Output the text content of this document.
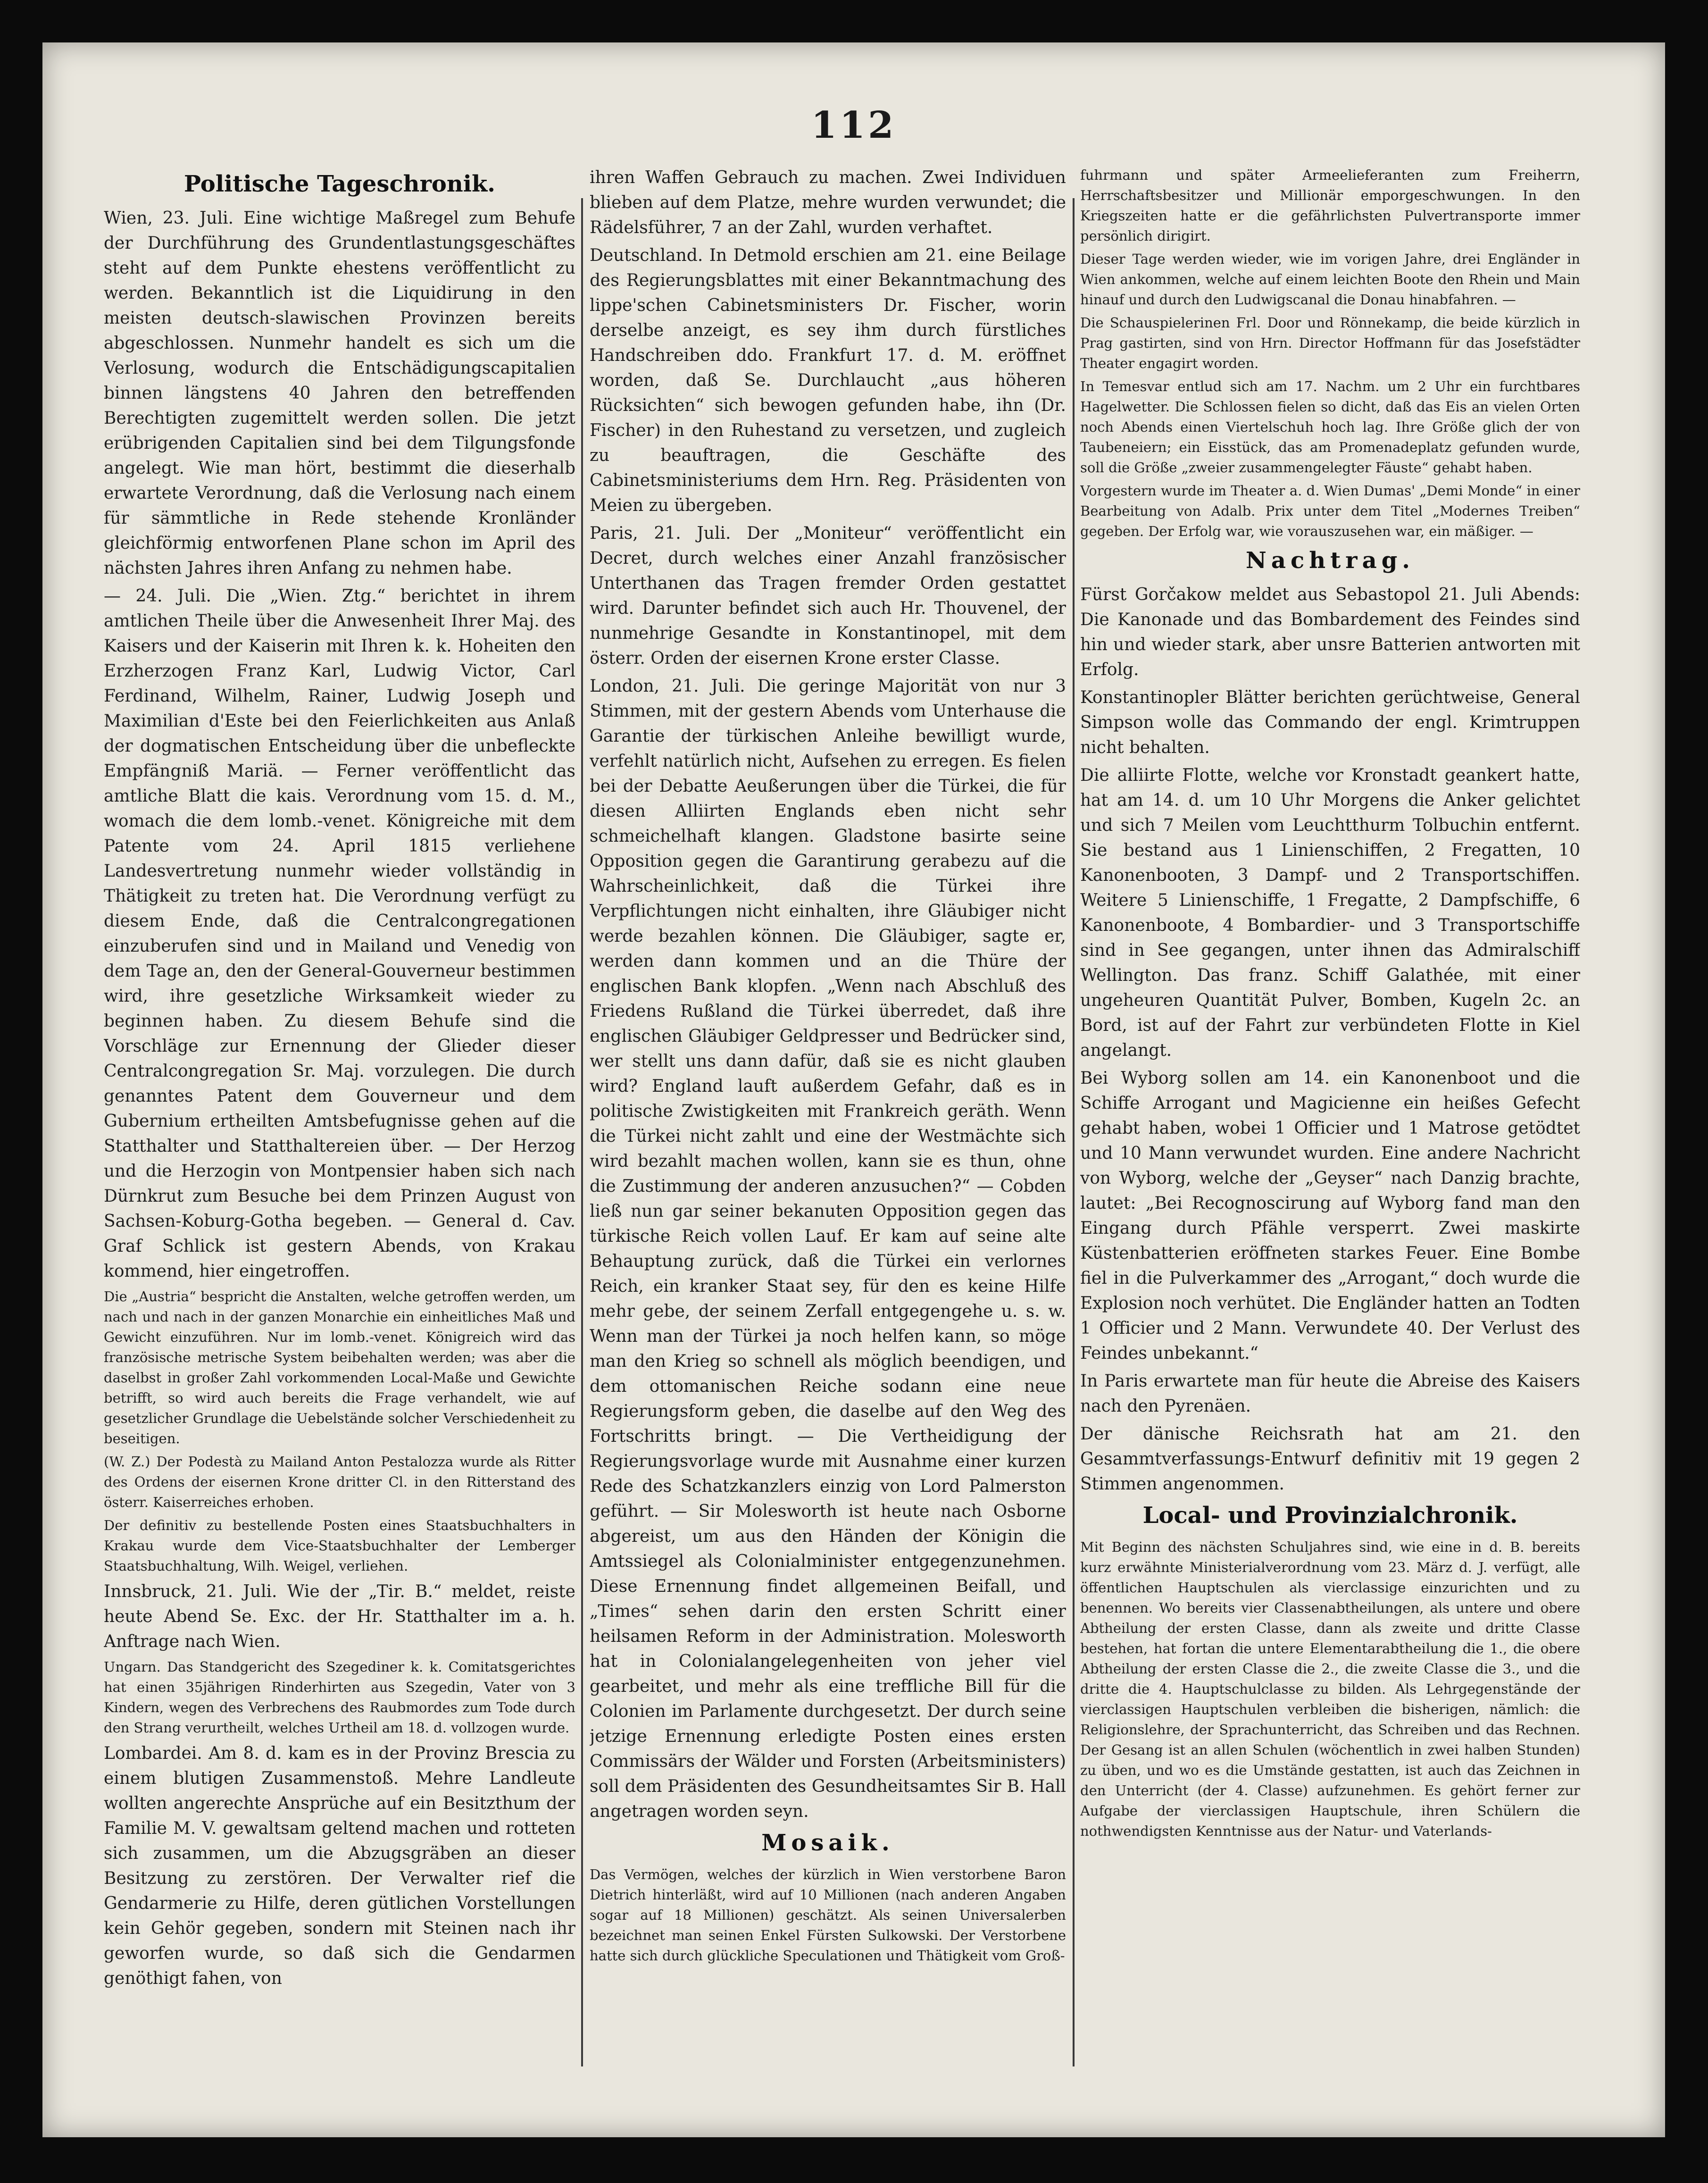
112
Politische Tageschronik.

Wien, 23. Juli. Eine wichtige Maßregel zum Behufe der Durchführung des Grundentlastungsgeschäftes steht auf dem Punkte ehestens veröffentlicht zu werden. Bekanntlich ist die Liquidirung in den meisten deutsch-slawischen Provinzen bereits abgeschlossen. Nunmehr handelt es sich um die Verlosung, wodurch die Entschädigungscapitalien binnen längstens 40 Jahren den betreffenden Berechtigten zugemittelt werden sollen. Die jetzt erübrigenden Capitalien sind bei dem Tilgungsfonde angelegt. Wie man hört, bestimmt die dieserhalb erwartete Verordnung, daß die Verlosung nach einem für sämmtliche in Rede stehende Kronländer gleichförmig entworfenen Plane schon im April des nächsten Jahres ihren Anfang zu nehmen habe.

— 24. Juli. Die „Wien. Ztg.“ berichtet in ihrem amtlichen Theile über die Anwesenheit Ihrer Maj. des Kaisers und der Kaiserin mit Ihren k. k. Hoheiten den Erzherzogen Franz Karl, Ludwig Victor, Carl Ferdinand, Wilhelm, Rainer, Ludwig Joseph und Maximilian d'Este bei den Feierlichkeiten aus Anlaß der dogmatischen Entscheidung über die unbefleckte Empfängniß Mariä. — Ferner veröffentlicht das amtliche Blatt die kais. Verordnung vom 15. d. M., womach die dem lomb.-venet. Königreiche mit dem Patente vom 24. April 1815 verliehene Landesvertretung nunmehr wieder vollständig in Thätigkeit zu treten hat. Die Verordnung verfügt zu diesem Ende, daß die Centralcongregationen einzuberufen sind und in Mailand und Venedig von dem Tage an, den der General-Gouverneur bestimmen wird, ihre gesetzliche Wirksamkeit wieder zu beginnen haben. Zu diesem Behufe sind die Vorschläge zur Ernennung der Glieder dieser Centralcongregation Sr. Maj. vorzulegen. Die durch genanntes Patent dem Gouverneur und dem Gubernium ertheilten Amtsbefugnisse gehen auf die Statthalter und Statthaltereien über. — Der Herzog und die Herzogin von Montpensier haben sich nach Dürnkrut zum Besuche bei dem Prinzen August von Sachsen-Koburg-Gotha begeben. — General d. Cav. Graf Schlick ist gestern Abends, von Krakau kommend, hier eingetroffen.

Die „Austria“ bespricht die Anstalten, welche getroffen werden, um nach und nach in der ganzen Monarchie ein einheitliches Maß und Gewicht einzuführen. Nur im lomb.-venet. Königreich wird das französische metrische System beibehalten werden; was aber die daselbst in großer Zahl vorkommenden Local-Maße und Gewichte betrifft, so wird auch bereits die Frage verhandelt, wie auf gesetzlicher Grundlage die Uebelstände solcher Verschiedenheit zu beseitigen.

(W. Z.) Der Podestà zu Mailand Anton Pestalozza wurde als Ritter des Ordens der eisernen Krone dritter Cl. in den Ritterstand des österr. Kaiserreiches erhoben.

Der definitiv zu bestellende Posten eines Staatsbuchhalters in Krakau wurde dem Vice-Staatsbuchhalter der Lemberger Staatsbuchhaltung, Wilh. Weigel, verliehen.

Innsbruck, 21. Juli. Wie der „Tir. B.“ meldet, reiste heute Abend Se. Exc. der Hr. Statthalter im a. h. Anftrage nach Wien.

Ungarn. Das Standgericht des Szegediner k. k. Comitatsgerichtes hat einen 35jährigen Rinderhirten aus Szegedin, Vater von 3 Kindern, wegen des Verbrechens des Raubmordes zum Tode durch den Strang verurtheilt, welches Urtheil am 18. d. vollzogen wurde.

Lombardei. Am 8. d. kam es in der Provinz Brescia zu einem blutigen Zusammenstoß. Mehre Landleute wollten angerechte Ansprüche auf ein Besitzthum der Familie M. V. gewaltsam geltend machen und rotteten sich zusammen, um die Abzugsgräben an dieser Besitzung zu zerstören. Der Verwalter rief die Gendarmerie zu Hilfe, deren gütlichen Vorstellungen kein Gehör gegeben, sondern mit Steinen nach ihr geworfen wurde, so daß sich die Gendarmen genöthigt fahen, von

ihren Waffen Gebrauch zu machen. Zwei Individuen blieben auf dem Platze, mehre wurden verwundet; die Rädelsführer, 7 an der Zahl, wurden verhaftet.

Deutschland. In Detmold erschien am 21. eine Beilage des Regierungsblattes mit einer Bekanntmachung des lippe'schen Cabinetsministers Dr. Fischer, worin derselbe anzeigt, es sey ihm durch fürstliches Handschreiben ddo. Frankfurt 17. d. M. eröffnet worden, daß Se. Durchlaucht „aus höheren Rücksichten“ sich bewogen gefunden habe, ihn (Dr. Fischer) in den Ruhestand zu versetzen, und zugleich zu beauftragen, die Geschäfte des Cabinetsministeriums dem Hrn. Reg. Präsidenten von Meien zu übergeben.

Paris, 21. Juli. Der „Moniteur“ veröffentlicht ein Decret, durch welches einer Anzahl französischer Unterthanen das Tragen fremder Orden gestattet wird. Darunter befindet sich auch Hr. Thouvenel, der nunmehrige Gesandte in Konstantinopel, mit dem österr. Orden der eisernen Krone erster Classe.

London, 21. Juli. Die geringe Majorität von nur 3 Stimmen, mit der gestern Abends vom Unterhause die Garantie der türkischen Anleihe bewilligt wurde, verfehlt natürlich nicht, Aufsehen zu erregen. Es fielen bei der Debatte Aeußerungen über die Türkei, die für diesen Alliirten Englands eben nicht sehr schmeichelhaft klangen. Gladstone basirte seine Opposition gegen die Garantirung gerabezu auf die Wahrscheinlichkeit, daß die Türkei ihre Verpflichtungen nicht einhalten, ihre Gläubiger nicht werde bezahlen können. Die Gläubiger, sagte er, werden dann kommen und an die Thüre der englischen Bank klopfen. „Wenn nach Abschluß des Friedens Rußland die Türkei überredet, daß ihre englischen Gläubiger Geldpresser und Bedrücker sind, wer stellt uns dann dafür, daß sie es nicht glauben wird? England lauft außerdem Gefahr, daß es in politische Zwistigkeiten mit Frankreich geräth. Wenn die Türkei nicht zahlt und eine der Westmächte sich wird bezahlt machen wollen, kann sie es thun, ohne die Zustimmung der anderen anzusuchen?“ — Cobden ließ nun gar seiner bekanuten Opposition gegen das türkische Reich vollen Lauf. Er kam auf seine alte Behauptung zurück, daß die Türkei ein verlornes Reich, ein kranker Staat sey, für den es keine Hilfe mehr gebe, der seinem Zerfall entgegengehe u. s. w. Wenn man der Türkei ja noch helfen kann, so möge man den Krieg so schnell als möglich beendigen, und dem ottomanischen Reiche sodann eine neue Regierungsform geben, die daselbe auf den Weg des Fortschritts bringt. — Die Vertheidigung der Regierungsvorlage wurde mit Ausnahme einer kurzen Rede des Schatzkanzlers einzig von Lord Palmerston geführt. — Sir Molesworth ist heute nach Osborne abgereist, um aus den Händen der Königin die Amtssiegel als Colonialminister entgegenzunehmen. Diese Ernennung findet allgemeinen Beifall, und „Times“ sehen darin den ersten Schritt einer heilsamen Reform in der Administration. Molesworth hat in Colonialangelegenheiten von jeher viel gearbeitet, und mehr als eine treffliche Bill für die Colonien im Parlamente durchgesetzt. Der durch seine jetzige Ernennung erledigte Posten eines ersten Commissärs der Wälder und Forsten (Arbeitsministers) soll dem Präsidenten des Gesundheitsamtes Sir B. Hall angetragen worden seyn.

Mosaik.

Das Vermögen, welches der kürzlich in Wien verstorbene Baron Dietrich hinterläßt, wird auf 10 Millionen (nach anderen Angaben sogar auf 18 Millionen) geschätzt. Als seinen Universalerben bezeichnet man seinen Enkel Fürsten Sulkowski. Der Verstorbene hatte sich durch glückliche Speculationen und Thätigkeit vom Groß-

fuhrmann und später Armeelieferanten zum Freiherrn, Herrschaftsbesitzer und Millionär emporgeschwungen. In den Kriegszeiten hatte er die gefährlichsten Pulvertransporte immer persönlich dirigirt.

Dieser Tage werden wieder, wie im vorigen Jahre, drei Engländer in Wien ankommen, welche auf einem leichten Boote den Rhein und Main hinauf und durch den Ludwigscanal die Donau hinabfahren. —

Die Schauspielerinen Frl. Door und Rönnekamp, die beide kürzlich in Prag gastirten, sind von Hrn. Director Hoffmann für das Josefstädter Theater engagirt worden.

In Temesvar entlud sich am 17. Nachm. um 2 Uhr ein furchtbares Hagelwetter. Die Schlossen fielen so dicht, daß das Eis an vielen Orten noch Abends einen Viertelschuh hoch lag. Ihre Größe glich der von Taubeneiern; ein Eisstück, das am Promenadeplatz gefunden wurde, soll die Größe „zweier zusammengelegter Fäuste“ gehabt haben.

Vorgestern wurde im Theater a. d. Wien Dumas' „Demi Monde“ in einer Bearbeitung von Adalb. Prix unter dem Titel „Modernes Treiben“ gegeben. Der Erfolg war, wie vorauszusehen war, ein mäßiger. —

Nachtrag.

Fürst Gorčakow meldet aus Sebastopol 21. Juli Abends: Die Kanonade und das Bombardement des Feindes sind hin und wieder stark, aber unsre Batterien antworten mit Erfolg.

Konstantinopler Blätter berichten gerüchtweise, General Simpson wolle das Commando der engl. Krimtruppen nicht behalten.

Die alliirte Flotte, welche vor Kronstadt geankert hatte, hat am 14. d. um 10 Uhr Morgens die Anker gelichtet und sich 7 Meilen vom Leuchtthurm Tolbuchin entfernt. Sie bestand aus 1 Linienschiffen, 2 Fregatten, 10 Kanonenbooten, 3 Dampf- und 2 Transportschiffen. Weitere 5 Linienschiffe, 1 Fregatte, 2 Dampfschiffe, 6 Kanonenboote, 4 Bombardier- und 3 Transportschiffe sind in See gegangen, unter ihnen das Admiralschiff Wellington. Das franz. Schiff Galathée, mit einer ungeheuren Quantität Pulver, Bomben, Kugeln 2c. an Bord, ist auf der Fahrt zur verbündeten Flotte in Kiel angelangt.

Bei Wyborg sollen am 14. ein Kanonenboot und die Schiffe Arrogant und Magicienne ein heißes Gefecht gehabt haben, wobei 1 Officier und 1 Matrose getödtet und 10 Mann verwundet wurden. Eine andere Nachricht von Wyborg, welche der „Geyser“ nach Danzig brachte, lautet: „Bei Recognoscirung auf Wyborg fand man den Eingang durch Pfähle versperrt. Zwei maskirte Küstenbatterien eröffneten starkes Feuer. Eine Bombe fiel in die Pulverkammer des „Arrogant,“ doch wurde die Explosion noch verhütet. Die Engländer hatten an Todten 1 Officier und 2 Mann. Verwundete 40. Der Verlust des Feindes unbekannt.“

In Paris erwartete man für heute die Abreise des Kaisers nach den Pyrenäen.

Der dänische Reichsrath hat am 21. den Gesammtverfassungs-Entwurf definitiv mit 19 gegen 2 Stimmen angenommen.

Local- und Provinzialchronik.

Mit Beginn des nächsten Schuljahres sind, wie eine in d. B. bereits kurz erwähnte Ministerialverordnung vom 23. März d. J. verfügt, alle öffentlichen Hauptschulen als vierclassige einzurichten und zu benennen. Wo bereits vier Classenabtheilungen, als untere und obere Abtheilung der ersten Classe, dann als zweite und dritte Classe bestehen, hat fortan die untere Elementarabtheilung die 1., die obere Abtheilung der ersten Classe die 2., die zweite Classe die 3., und die dritte die 4. Hauptschulclasse zu bilden. Als Lehrgegenstände der vierclassigen Hauptschulen verbleiben die bisherigen, nämlich: die Religionslehre, der Sprachunterricht, das Schreiben und das Rechnen. Der Gesang ist an allen Schulen (wöchentlich in zwei halben Stunden) zu üben, und wo es die Umstände gestatten, ist auch das Zeichnen in den Unterricht (der 4. Classe) aufzunehmen. Es gehört ferner zur Aufgabe der vierclassigen Hauptschule, ihren Schülern die nothwendigsten Kenntnisse aus der Natur- und Vaterlands-
